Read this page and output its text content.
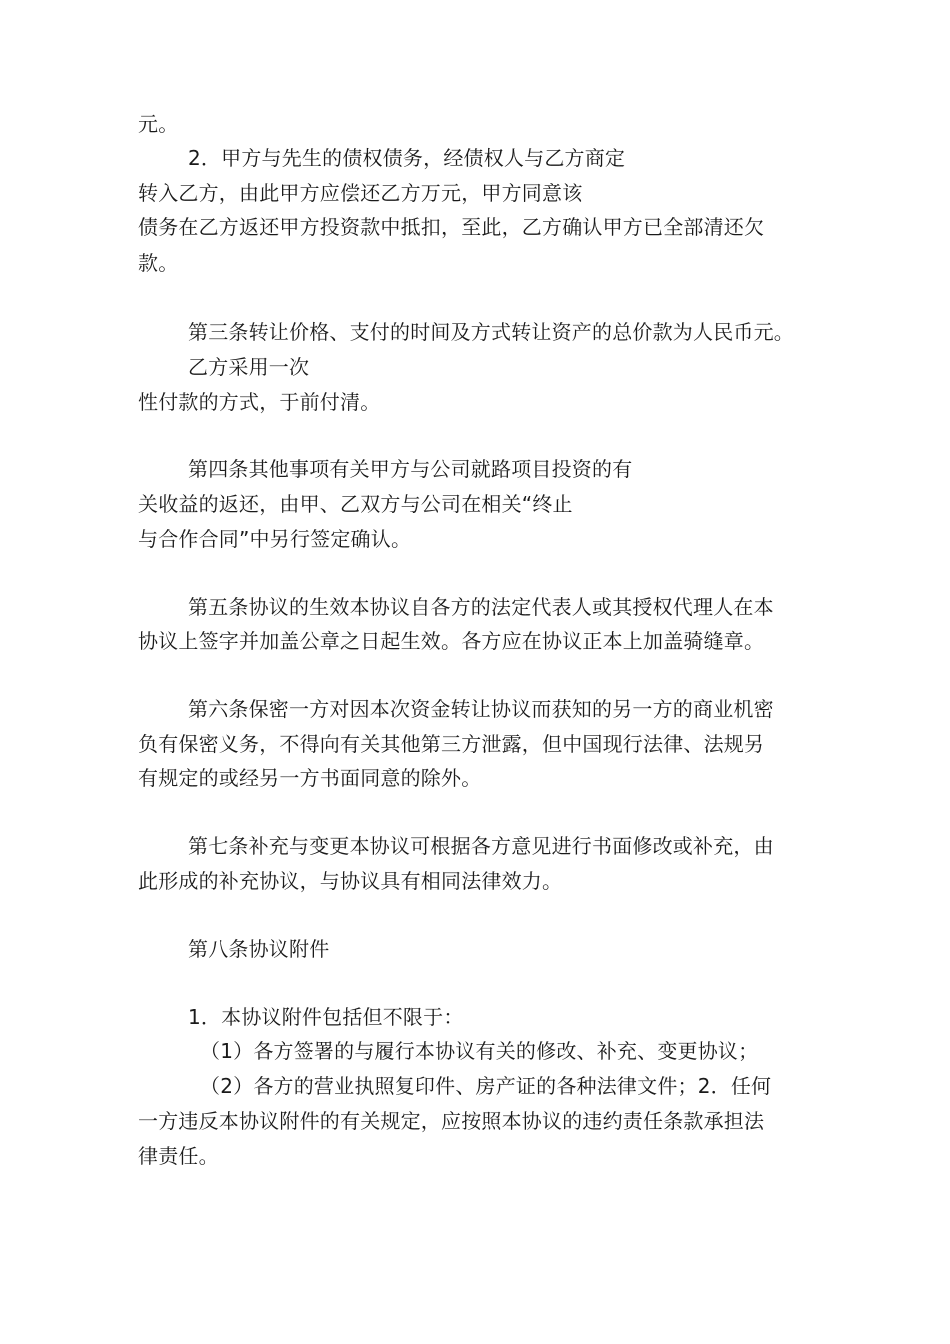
元。
2．甲方与先生的债权债务，经债权人与乙方商定
转入乙方，由此甲方应偿还乙方万元，甲方同意该
债务在乙方返还甲方投资款中抵扣，至此，乙方确认甲方已全部清还欠
款。
第三条转让价格、支付的时间及方式转让资产的总价款为人民币元。
乙方采用一次
性付款的方式，于前付清。
第四条其他事项有关甲方与公司就路项目投资的有
关收益的返还，由甲、乙双方与公司在相关“终止
与合作合同”中另行签定确认。
第五条协议的生效本协议自各方的法定代表人或其授权代理人在本
协议上签字并加盖公章之日起生效。各方应在协议正本上加盖骑缝章。
第六条保密一方对因本次资金转让协议而获知的另一方的商业机密
负有保密义务，不得向有关其他第三方泄露，但中国现行法律、法规另
有规定的或经另一方书面同意的除外。
第七条补充与变更本协议可根据各方意见进行书面修改或补充，由
此形成的补充协议，与协议具有相同法律效力。
第八条协议附件
1．本协议附件包括但不限于：
（1）各方签署的与履行本协议有关的修改、补充、变更协议；
（2）各方的营业执照复印件、房产证的各种法律文件；2．任何
一方违反本协议附件的有关规定，应按照本协议的违约责任条款承担法
律责任。
